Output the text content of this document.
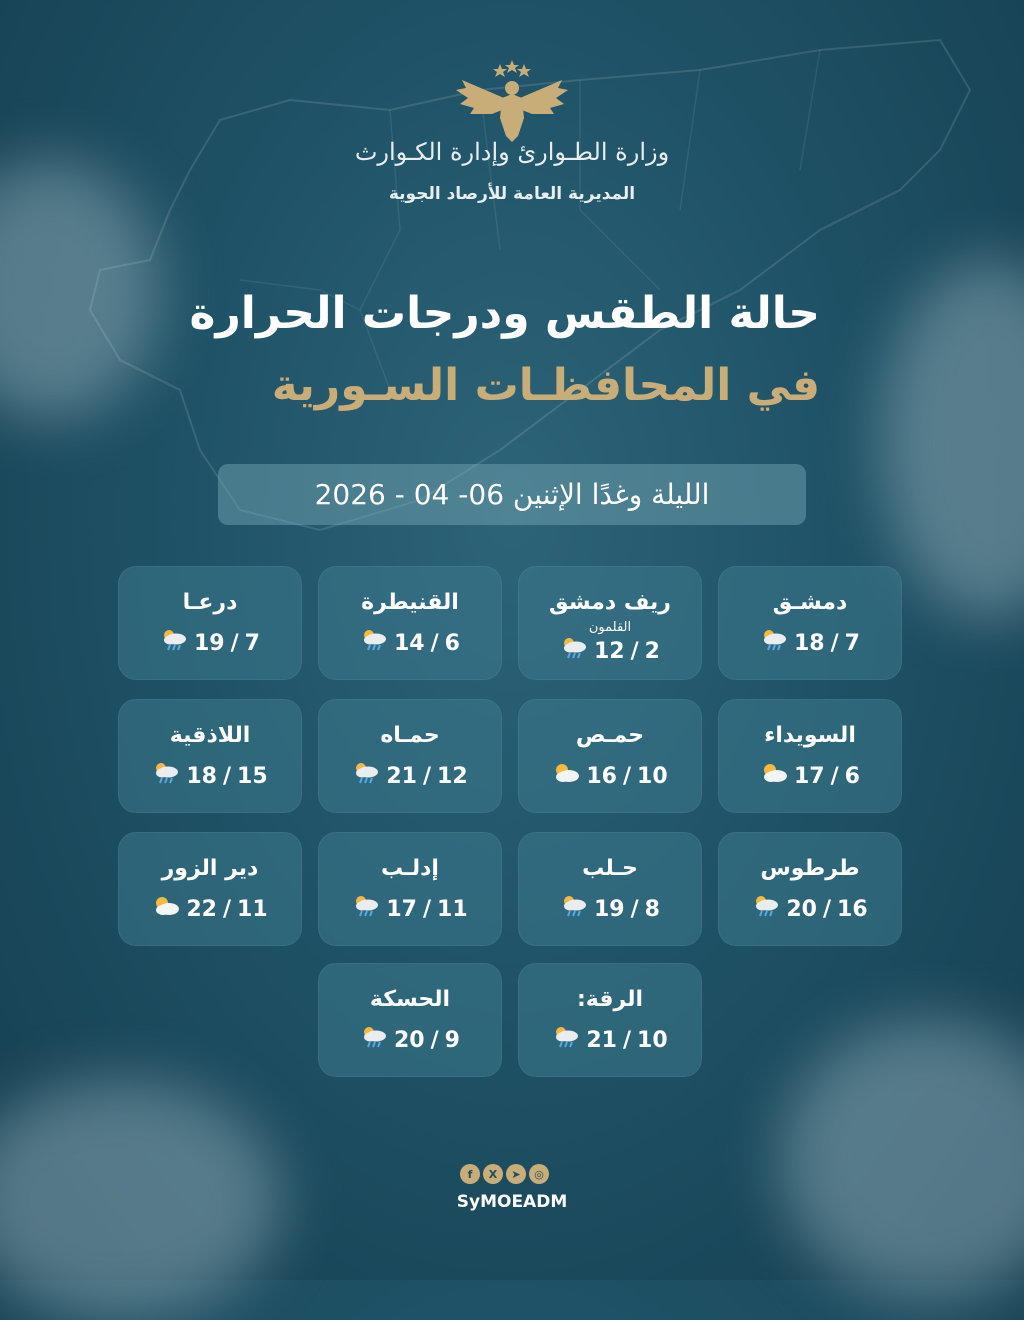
وزارة الطـوارئ وإدارة الكـوارث
المديرية العامة للأرصاد الجوية
حالة الطقس ودرجات الحرارة
في المحافظـات السـورية
الليلة وغدًا الإثنين 06- 04 - 2026
دمشـق
18 / 7
ريف دمشق
القلمون
12 / 2
القنيطرة
14 / 6
درعـا
19 / 7
السويداء
17 / 6
حمـص
16 / 10
حمـاه
21 / 12
اللاذقية
18 / 15
طرطوس
20 / 16
حـلب
19 / 8
إدلـب
17 / 11
دير الزور
22 / 11
الرقة:
21 / 10
الحسكة
20 / 9
f	X	➤	◎
SyMOEADM
